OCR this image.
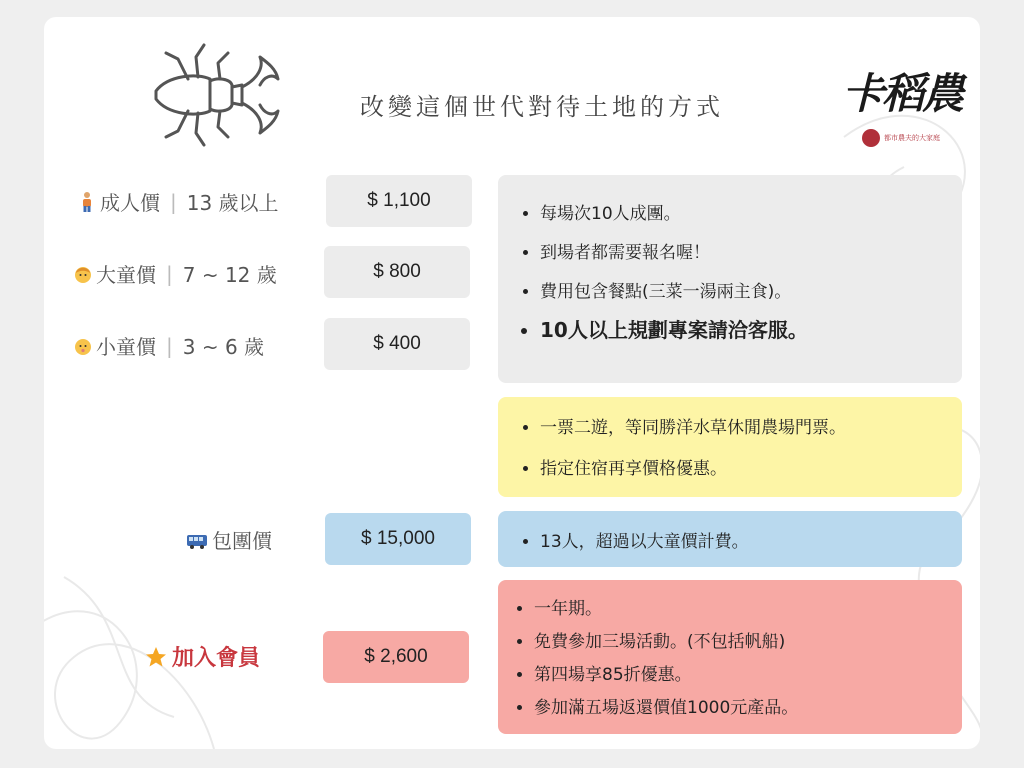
改變這個世代對待土地的方式	卡稻農
都市農夫的大家庭
成人價 | 13 歲以上
大童價 | 7 ~ 12 歲
小童價 | 3 ~ 6 歲
包團價
加入會員
$ 1,100
$ 800
$ 400
$ 15,000
$ 2,600
• 每場次10人成團。
• 到場者都需要報名喔！
• 費用包含餐點(三菜一湯兩主食)。
• 10人以上規劃專案請洽客服。
• 一票二遊，等同勝洋水草休閒農場門票。
• 指定住宿再享價格優惠。
• 13人，超過以大童價計費。
• 一年期。
• 免費參加三場活動。(不包括帆船)
• 第四場享85折優惠。
• 參加滿五場返還價值1000元產品。
